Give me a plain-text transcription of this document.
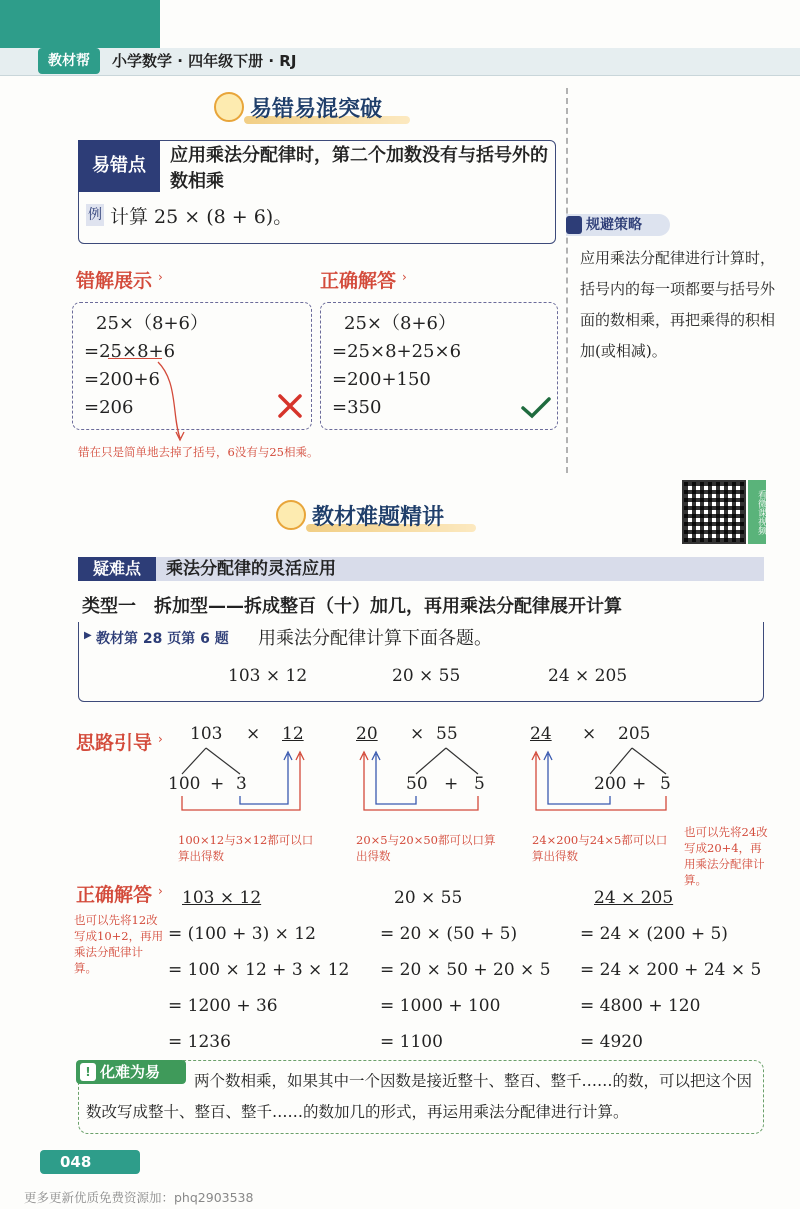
教材帮	小学数学 · 四年级下册 · RJ
易错易混突破
易错点	应用乘法分配律时，第二个加数没有与括号外的数相乘
例 计算 25 × (8 + 6)。	规避策略
应用乘法分配律进行计算时，括号内的每一项都要与括号外面的数相乘，再把乘得的积相加(或相减)。
错解展示 ›	正确解答 ›
25×（8+6）
=25×8+6
=200+6
=206
错在只是简单地去掉了括号，6没有与25相乘。
25×（8+6）
=25×8+25×6
=200+150
=350
教材难题精讲	看微课视频
疑难点	乘法分配律的灵活应用
类型一　拆加型——拆成整百（十）加几，再用乘法分配律展开计算
▶ 教材第 28 页第 6 题 用乘法分配律计算下面各题。
103 × 12	20 × 55	24 × 205
思路引导 › 103 × 12
100 + 3
100×12与3×12都可以口算出得数
20 × 55
50 + 5
20×5与20×50都可以口算出得数
24 × 205
200 + 5
24×200与24×5都可以口算出得数
也可以先将24改写成20+4，再用乘法分配律计算。
正确解答 ›
也可以先将12改写成10+2，再用乘法分配律计算。
103 × 12
= (100 + 3) × 12
= 100 × 12 + 3 × 12
= 1200 + 36
= 1236
20 × 55
= 20 × (50 + 5)
= 20 × 50 + 20 × 5
= 1000 + 100
= 1100
24 × 205
= 24 × (200 + 5)
= 24 × 200 + 24 × 5
= 4800 + 120
= 4920
化难为易
!	两个数相乘，如果其中一个因数是接近整十、整百、整千……的数，可以把这个因数改写成整十、整百、整千……的数加几的形式，再运用乘法分配律进行计算。
048
更多更新优质免费资源加：phq2903538
